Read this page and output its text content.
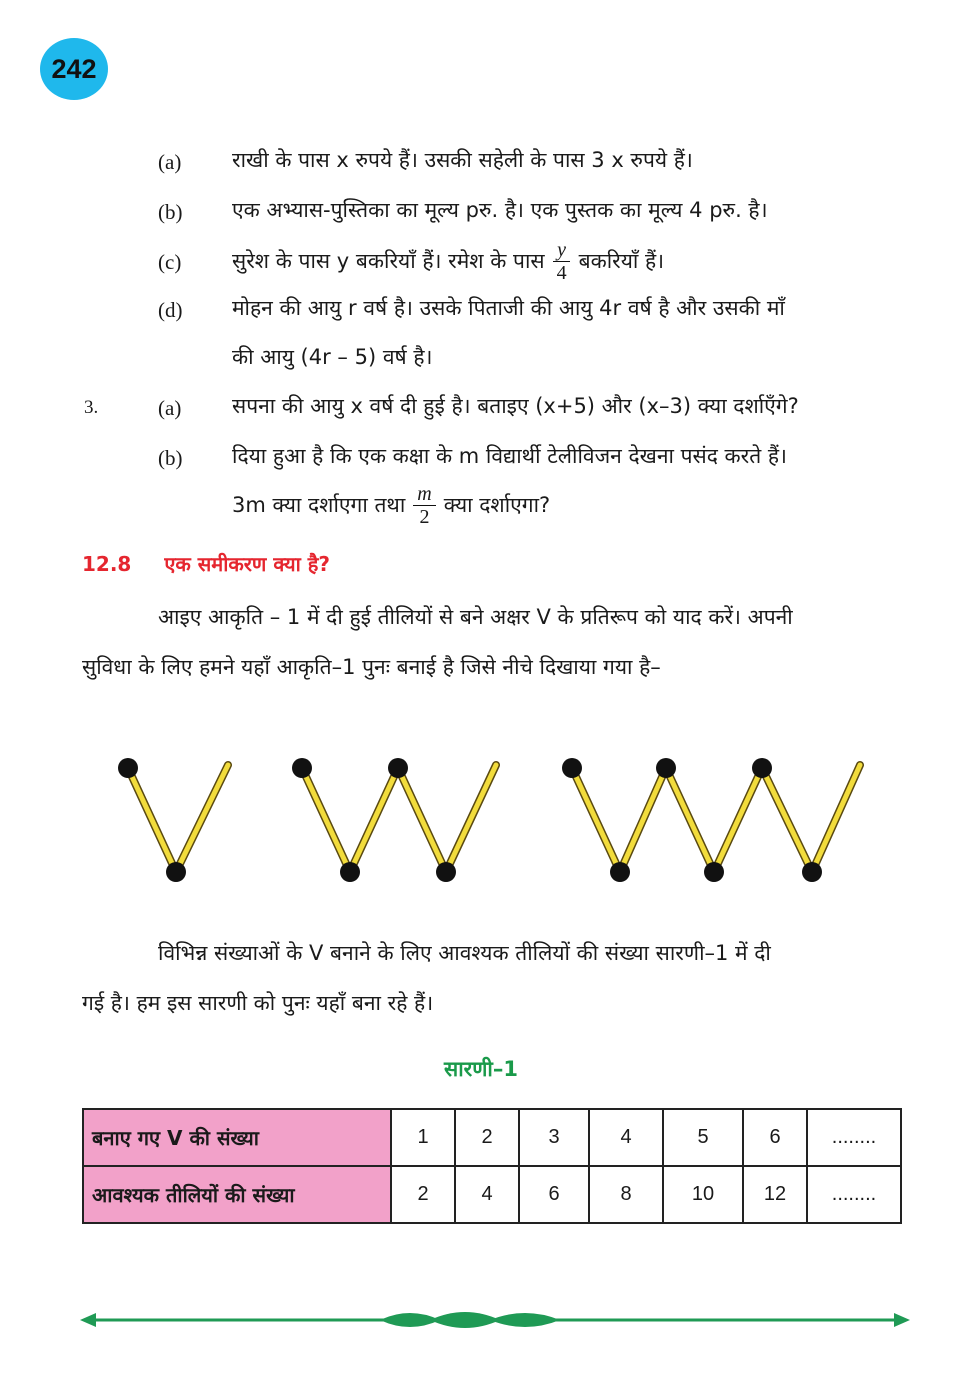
242
(a) राखी के पास x रुपये हैं। उसकी सहेली के पास 3 x रुपये हैं।
(b) एक अभ्यास-पुस्तिका का मूल्य pरु. है। एक पुस्तक का मूल्य 4 pरु. है।
(c) सुरेश के पास y बकरियाँ हैं। रमेश के पास $\frac{y}{4}$ बकरियाँ हैं।
(d) मोहन की आयु r वर्ष है। उसके पिताजी की आयु 4r वर्ष है और उसकी माँ
की आयु (4r – 5) वर्ष है।
3.	(a) सपना की आयु x वर्ष दी हुई है। बताइए (x+5) और (x–3) क्या दर्शाएँगे?
(b) दिया हुआ है कि एक कक्षा के m विद्यार्थी टेलीविजन देखना पसंद करते हैं।
3m क्या दर्शाएगा तथा $\frac{m}{2}$ क्या दर्शाएगा?
12.8 एक समीकरण क्या है?
आइए आकृति – 1 में दी हुई तीलियों से बने अक्षर V के प्रतिरूप को याद करें। अपनी
सुविधा के लिए हमने यहाँ आकृति–1 पुनः बनाई है जिसे नीचे दिखाया गया है–
विभिन्न संख्याओं के V बनाने के लिए आवश्यक तीलियों की संख्या सारणी–1 में दी
गई है। हम इस सारणी को पुनः यहाँ बना रहे हैं।
सारणी–1
बनाए गए V की संख्या	1	2	3	4	5	6	........
आवश्यक तीलियों की संख्या	2	4	6	8	10	12	........
